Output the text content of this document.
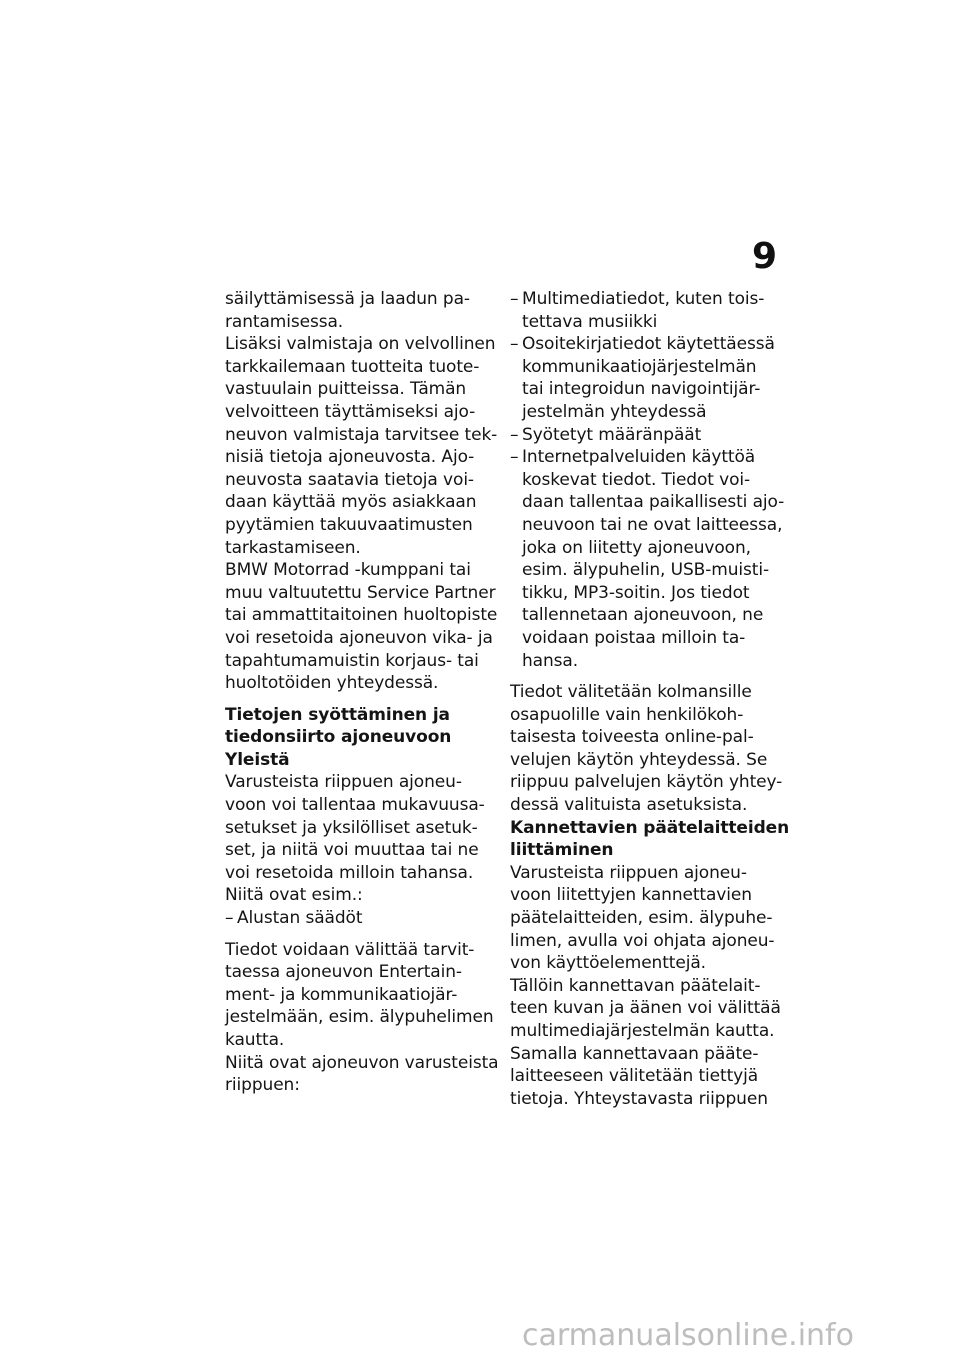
9
säilyttämisessä ja laadun pa-
rantamisessa.
Lisäksi valmistaja on velvollinen
tarkkailemaan tuotteita tuote-
vastuulain puitteissa. Tämän
velvoitteen täyttämiseksi ajo-
neuvon valmistaja tarvitsee tek-
nisiä tietoja ajoneuvosta. Ajo-
neuvosta saatavia tietoja voi-
daan käyttää myös asiakkaan
pyytämien takuuvaatimusten
tarkastamiseen.
BMW Motorrad -kumppani tai
muu valtuutettu Service Partner
tai ammattitaitoinen huoltopiste
voi resetoida ajoneuvon vika- ja
tapahtumamuistin korjaus- tai
huoltotöiden yhteydessä.
Tietojen syöttäminen ja
tiedonsiirto ajoneuvoon
Yleistä
Varusteista riippuen ajoneu-
voon voi tallentaa mukavuusa-
setukset ja yksilölliset asetuk-
set, ja niitä voi muuttaa tai ne
voi resetoida milloin tahansa.
Niitä ovat esim.:
– Alustan säädöt
Tiedot voidaan välittää tarvit-
taessa ajoneuvon Entertain-
ment- ja kommunikaatiojär-
jestelmään, esim. älypuhelimen
kautta.
Niitä ovat ajoneuvon varusteista
riippuen:
– Multimediatiedot, kuten tois-
tettava musiikki
– Osoitekirjatiedot käytettäessä
kommunikaatiojärjestelmän
tai integroidun navigointijär-
jestelmän yhteydessä
– Syötetyt määränpäät
– Internetpalveluiden käyttöä
koskevat tiedot. Tiedot voi-
daan tallentaa paikallisesti ajo-
neuvoon tai ne ovat laitteessa,
joka on liitetty ajoneuvoon,
esim. älypuhelin, USB-muisti-
tikku, MP3-soitin. Jos tiedot
tallennetaan ajoneuvoon, ne
voidaan poistaa milloin ta-
hansa.
Tiedot välitetään kolmansille
osapuolille vain henkilökoh-
taisesta toiveesta online-pal-
velujen käytön yhteydessä. Se
riippuu palvelujen käytön yhtey-
dessä valituista asetuksista.
Kannettavien päätelaitteiden
liittäminen
Varusteista riippuen ajoneu-
voon liitettyjen kannettavien
päätelaitteiden, esim. älypuhe-
limen, avulla voi ohjata ajoneu-
von käyttöelementtejä.
Tällöin kannettavan päätelait-
teen kuvan ja äänen voi välittää
multimediajärjestelmän kautta.
Samalla kannettavaan pääte-
laitteeseen välitetään tiettyjä
tietoja. Yhteystavasta riippuen
carmanualsonline.info
